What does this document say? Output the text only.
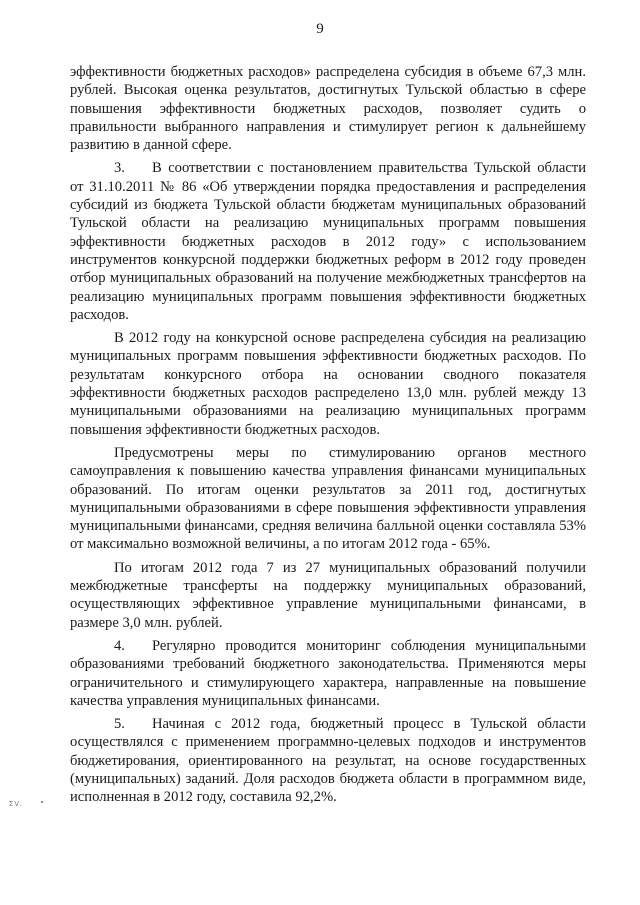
9

эффективности бюджетных расходов» распределена субсидия в объеме 67,3 млн. рублей. Высокая оценка результатов, достигнутых Тульской областью в сфере повышения эффективности бюджетных расходов, позволяет судить о правильности выбранного направления и стимулирует регион к дальнейшему развитию в данной сфере.

3. В соответствии с постановлением правительства Тульской области от 31.10.2011 № 86 «Об утверждении порядка предоставления и распределения субсидий из бюджета Тульской области бюджетам муниципальных образований Тульской области на реализацию муниципальных программ повышения эффективности бюджетных расходов в 2012 году» с использованием инструментов конкурсной поддержки бюджетных реформ в 2012 году проведен отбор муниципальных образований на получение межбюджетных трансфертов на реализацию муниципальных программ повышения эффективности бюджетных расходов.

В 2012 году на конкурсной основе распределена субсидия на реализацию муниципальных программ повышения эффективности бюджетных расходов. По результатам конкурсного отбора на основании сводного показателя эффективности бюджетных расходов распределено 13,0 млн. рублей между 13 муниципальными образованиями на реализацию муниципальных программ повышения эффективности бюджетных расходов.

Предусмотрены меры по стимулированию органов местного самоуправления к повышению качества управления финансами муниципальных образований. По итогам оценки результатов за 2011 год, достигнутых муниципальными образованиями в сфере повышения эффективности управления муниципальными финансами, средняя величина балльной оценки составляла 53% от максимально возможной величины, а по итогам 2012 года - 65%.

По итогам 2012 года 7 из 27 муниципальных образований получили межбюджетные трансферты на поддержку муниципальных образований, осуществляющих эффективное управление муниципальными финансами, в размере 3,0 млн. рублей.

4. Регулярно проводится мониторинг соблюдения муниципальными образованиями требований бюджетного законодательства. Применяются меры ограничительного и стимулирующего характера, направленные на повышение качества управления муниципальных финансами.

5. Начиная с 2012 года, бюджетный процесс в Тульской области осуществлялся с применением программно-целевых подходов и инструментов бюджетирования, ориентированного на результат, на основе государственных (муниципальных) заданий. Доля расходов бюджета области в программном виде, исполненная в 2012 году, составила 92,2%.

ΣV.
